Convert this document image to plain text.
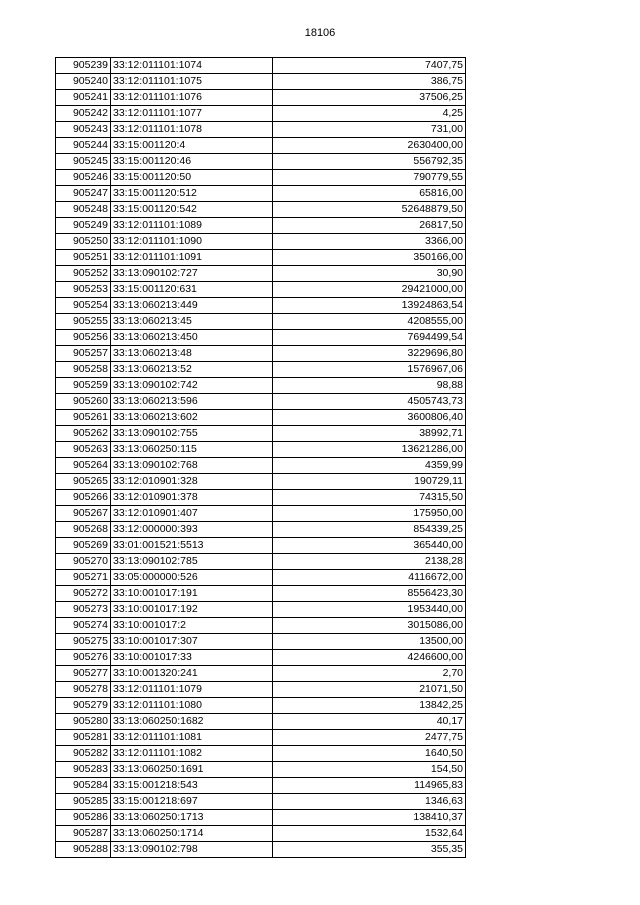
18106
905239	33:12:011101:1074	7407,75
905240	33:12:011101:1075	386,75
905241	33:12:011101:1076	37506,25
905242	33:12:011101:1077	4,25
905243	33:12:011101:1078	731,00
905244	33:15:001120:4	2630400,00
905245	33:15:001120:46	556792,35
905246	33:15:001120:50	790779,55
905247	33:15:001120:512	65816,00
905248	33:15:001120:542	52648879,50
905249	33:12:011101:1089	26817,50
905250	33:12:011101:1090	3366,00
905251	33:12:011101:1091	350166,00
905252	33:13:090102:727	30,90
905253	33:15:001120:631	29421000,00
905254	33:13:060213:449	13924863,54
905255	33:13:060213:45	4208555,00
905256	33:13:060213:450	7694499,54
905257	33:13:060213:48	3229696,80
905258	33:13:060213:52	1576967,06
905259	33:13:090102:742	98,88
905260	33:13:060213:596	4505743,73
905261	33:13:060213:602	3600806,40
905262	33:13:090102:755	38992,71
905263	33:13:060250:115	13621286,00
905264	33:13:090102:768	4359,99
905265	33:12:010901:328	190729,11
905266	33:12:010901:378	74315,50
905267	33:12:010901:407	175950,00
905268	33:12:000000:393	854339,25
905269	33:01:001521:5513	365440,00
905270	33:13:090102:785	2138,28
905271	33:05:000000:526	4116672,00
905272	33:10:001017:191	8556423,30
905273	33:10:001017:192	1953440,00
905274	33:10:001017:2	3015086,00
905275	33:10:001017:307	13500,00
905276	33:10:001017:33	4246600,00
905277	33:10:001320:241	2,70
905278	33:12:011101:1079	21071,50
905279	33:12:011101:1080	13842,25
905280	33:13:060250:1682	40,17
905281	33:12:011101:1081	2477,75
905282	33:12:011101:1082	1640,50
905283	33:13:060250:1691	154,50
905284	33:15:001218:543	114965,83
905285	33:15:001218:697	1346,63
905286	33:13:060250:1713	138410,37
905287	33:13:060250:1714	1532,64
905288	33:13:090102:798	355,35
